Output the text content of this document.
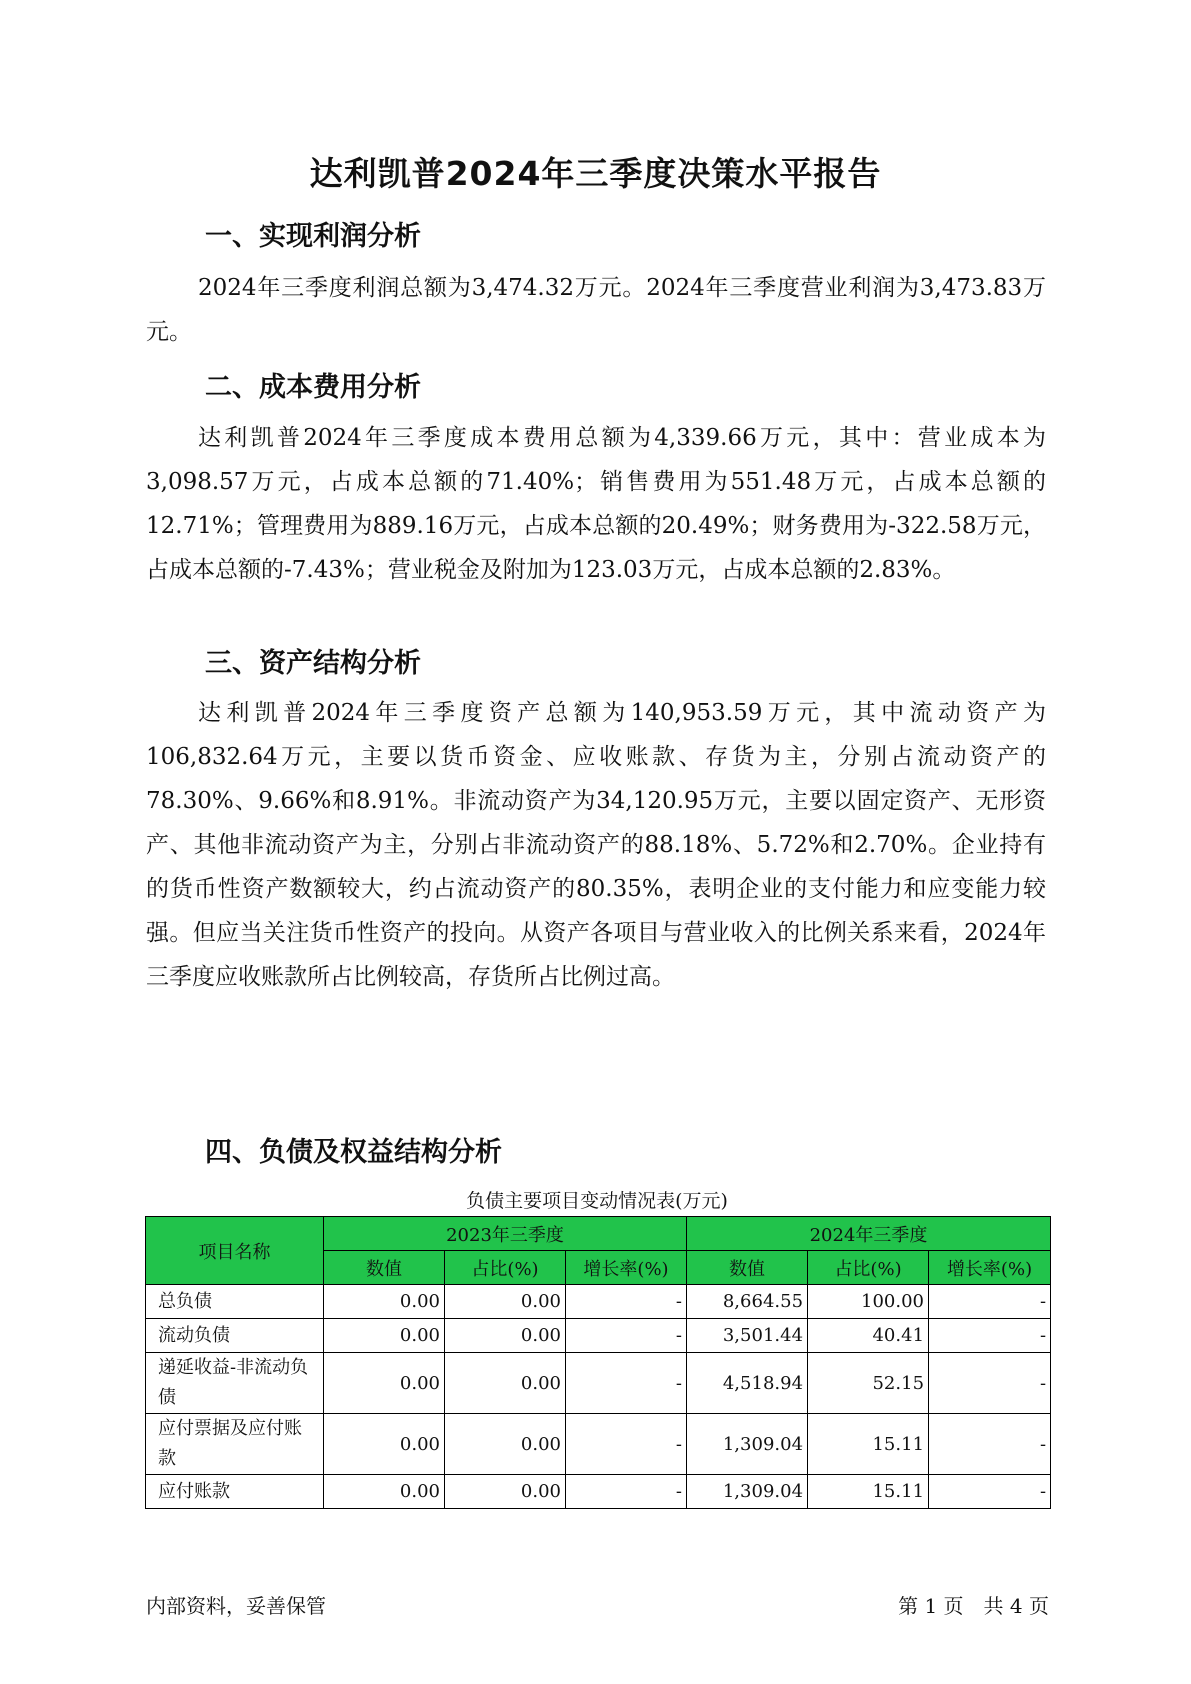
达利凯普2024年三季度决策水平报告
一、实现利润分析
2024年三季度利润总额为3,474.32万元。2024年三季度营业利润为3,473.83万元。
二、成本费用分析
达利凯普2024年三季度成本费用总额为4,339.66万元，其中：营业成本为3,098.57万元，占成本总额的71.40%；销售费用为551.48万元，占成本总额的12.71%；管理费用为889.16万元，占成本总额的20.49%；财务费用为-322.58万元，占成本总额的-7.43%；营业税金及附加为123.03万元，占成本总额的2.83%。
三、资产结构分析
达利凯普2024年三季度资产总额为140,953.59万元，其中流动资产为106,832.64万元，主要以货币资金、应收账款、存货为主，分别占流动资产的78.30%、9.66%和8.91%。非流动资产为34,120.95万元，主要以固定资产、无形资产、其他非流动资产为主，分别占非流动资产的88.18%、5.72%和2.70%。企业持有的货币性资产数额较大，约占流动资产的80.35%，表明企业的支付能力和应变能力较强。但应当关注货币性资产的投向。从资产各项目与营业收入的比例关系来看，2024年三季度应收账款所占比例较高，存货所占比例过高。
四、负债及权益结构分析
负债主要项目变动情况表(万元)
项目名称	2023年三季度			2024年三季度		
	数值	占比(%)	增长率(%)	数值	占比(%)	增长率(%)
总负债	0.00	0.00	-	8,664.55	100.00	-
流动负债	0.00	0.00	-	3,501.44	40.41	-
递延收益-非流动负债	0.00	0.00	-	4,518.94	52.15	-
应付票据及应付账款	0.00	0.00	-	1,309.04	15.11	-
应付账款	0.00	0.00	-	1,309.04	15.11	-
内部资料，妥善保管	第 1 页　共 4 页
